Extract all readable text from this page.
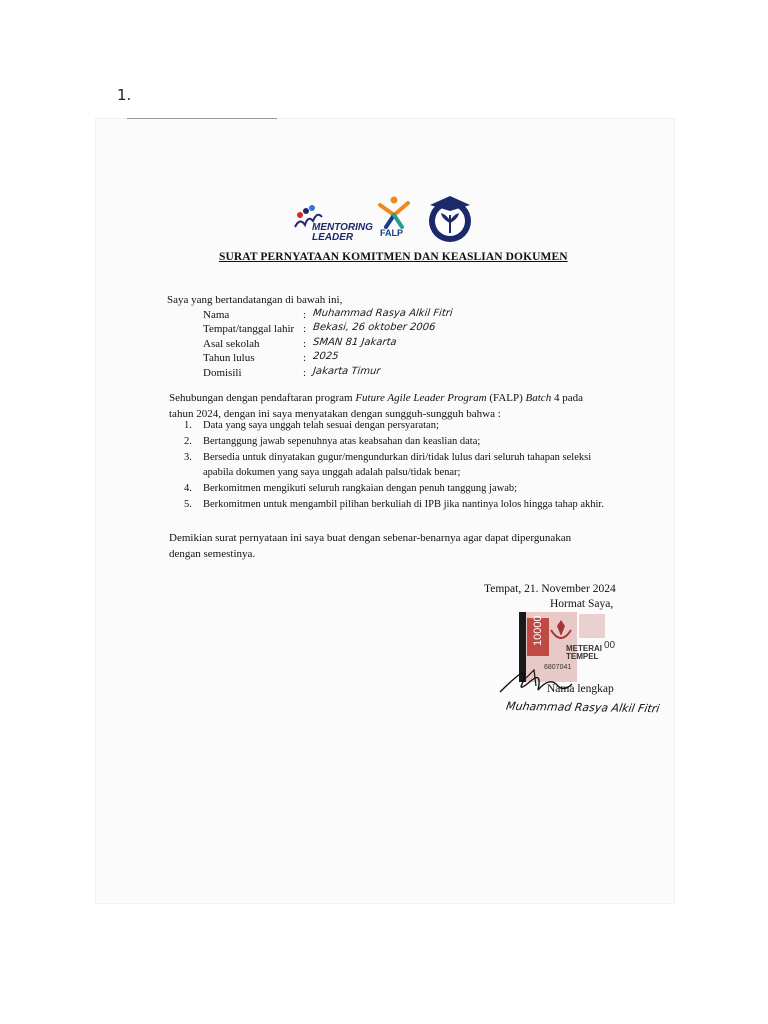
1.
MENTORING
LEADER	FALP
SURAT PERNYATAAN KOMITMEN DAN KEASLIAN DOKUMEN
Saya yang bertandatangan di bawah ini,
Nama	: Muhammad Rasya Alkil Fitri
Tempat/tanggal lahir : Bekasi, 26 oktober 2006
Asal sekolah	: SMAN 81 Jakarta
Tahun lulus	: 2025
Domisili	: Jakarta Timur
Sehubungan dengan pendaftaran program Future Agile Leader Program (FALP) Batch 4 pada tahun 2024, dengan ini saya menyatakan dengan sungguh-sungguh bahwa :
1. Data yang saya unggah telah sesuai dengan persyaratan;
2. Bertanggung jawab sepenuhnya atas keabsahan dan keaslian data;
3. Bersedia untuk dinyatakan gugur/mengundurkan diri/tidak lulus dari seluruh tahapan seleksi apabila dokumen yang saya unggah adalah palsu/tidak benar;
4. Berkomitmen mengikuti seluruh rangkaian dengan penuh tanggung jawab;
5. Berkomitmen untuk mengambil pilihan berkuliah di IPB jika nantinya lolos hingga tahap akhir.
Demikian surat pernyataan ini saya buat dengan sebenar-benarnya agar dapat dipergunakan dengan semestinya.
Tempat, 21. November 2024
Hormat Saya,
10000	00
METERAI
TEMPEL
6807041
Nama lengkap
Muhammad Rasya Alkil Fitri
